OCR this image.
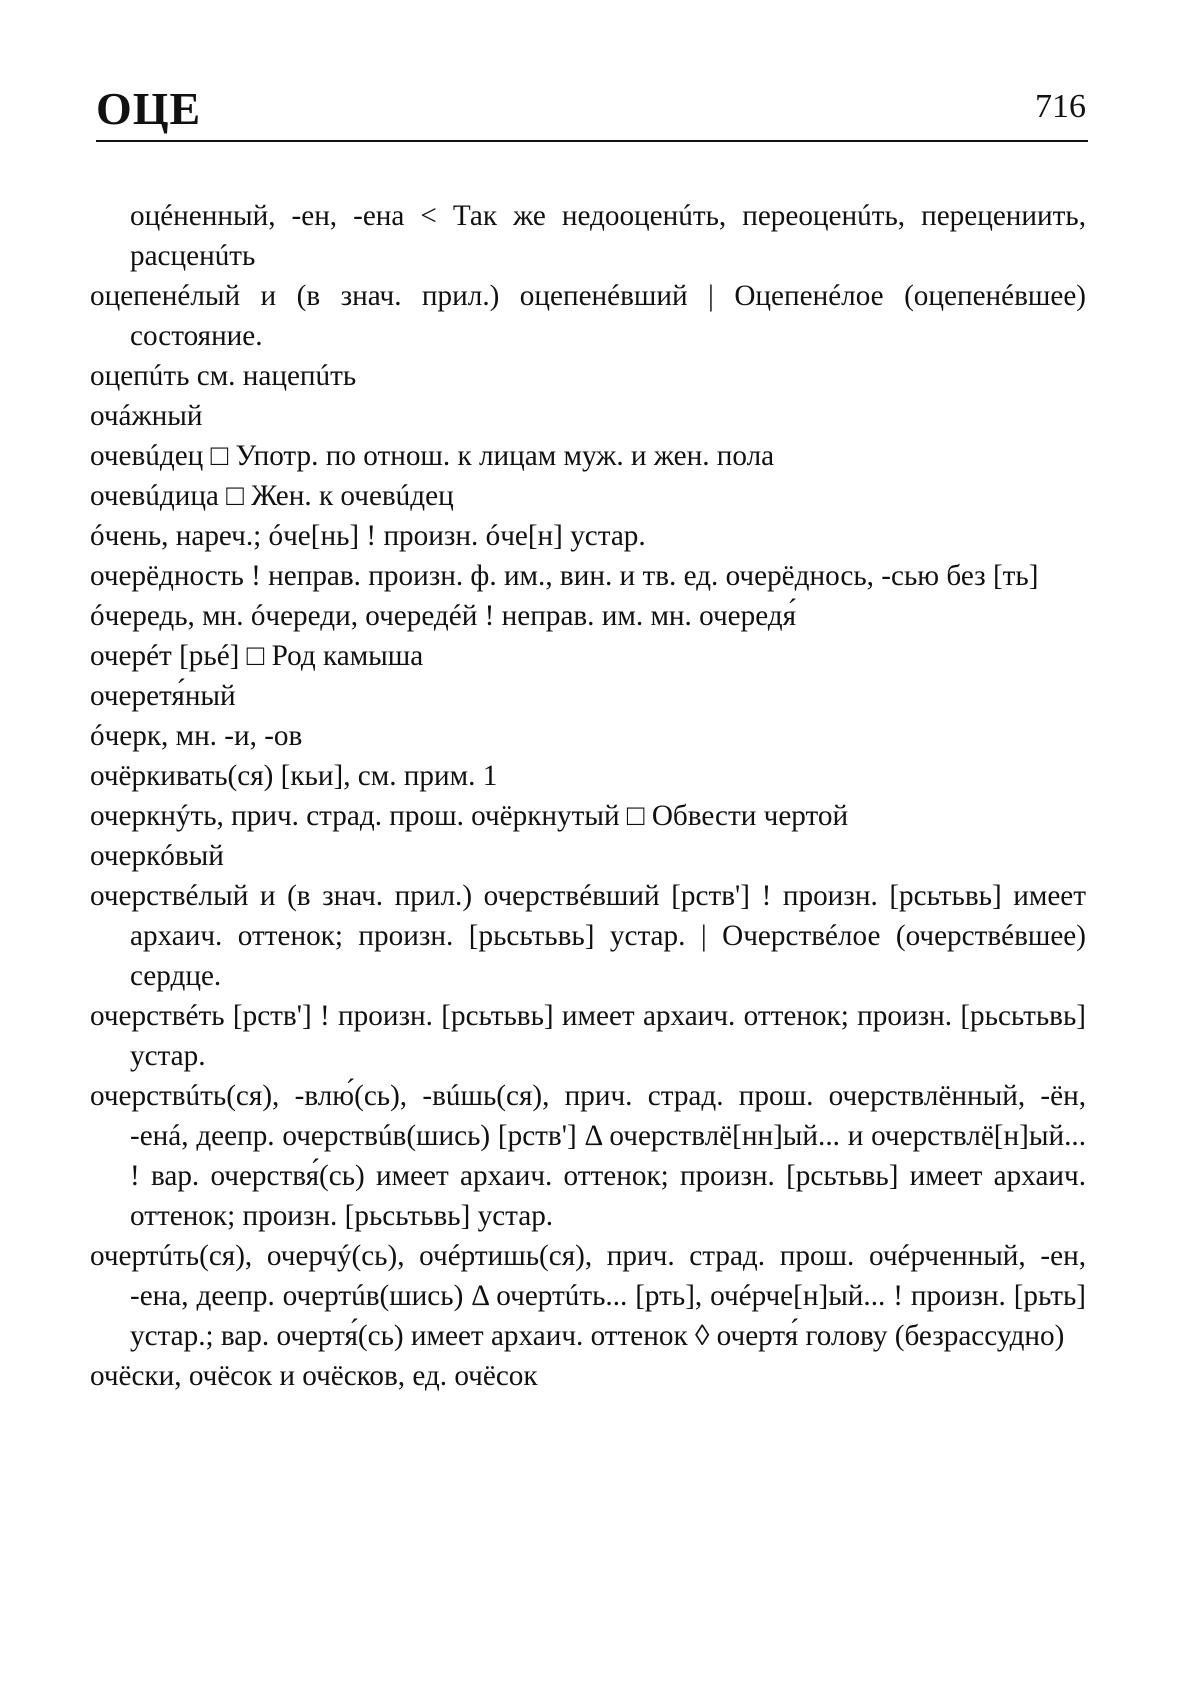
ОЦЕ	716

оцéненный, -ен, -ена < Так же недооценúть, переоценúть, перецениить, расценúть

оцепенéлый и (в знач. прил.) оцепенéвший | Оцепенéлое (оцепенéвшее) состояние.

оцепúть см. нацепúть

очáжный

очевúдец □ Употр. по отнош. к лицам муж. и жен. пола

очевúдица □ Жен. к очевúдец

óчень, нареч.; óче[нь] ! произн. óче[н] устар.

очерёдность ! неправ. произн. ф. им., вин. и тв. ед. очерёднось, -сью без [ть]

óчередь, мн. óчереди, очередéй ! неправ. им. мн. очередя́

очерéт [рьé] □ Род камыша

очеретя́ный

óчерк, мн. -и, -ов

очёркивать(ся) [кьи], см. прим. 1

очеркнýть, прич. страд. прош. очёркнутый □ Обвести чертой

очеркóвый

очерствéлый и (в знач. прил.) очерствéвший [рств'] ! произн. [рсьтьвь] имеет архаич. оттенок; произн. [рьсьтьвь] устар. | Очерствéлое (очерствéвшее) сердце.

очерствéть [рств'] ! произн. [рсьтьвь] имеет архаич. оттенок; произн. [рьсьтьвь] устар.

очерствúть(ся), -влю́(сь), -вúшь(ся), прич. страд. прош. очерствлённый, -ён, -енá, деепр. очерствúв(шись) [рств'] Δ очерствлё[нн]ый... и очерствлё[н]ый... ! вар. очерствя́(сь) имеет архаич. оттенок; произн. [рсьтьвь] имеет архаич. оттенок; произн. [рьсьтьвь] устар.

очертúть(ся), очерчý(сь), очéртишь(ся), прич. страд. прош. очéрченный, -ен, -ена, деепр. очертúв(шись) Δ очертúть... [рть], очéрче[н]ый... ! произн. [рьть] устар.; вар. очертя́(сь) имеет архаич. оттенок ◊ очертя́ голову (безрассудно)

очёски, очёсок и очёсков, ед. очёсок
